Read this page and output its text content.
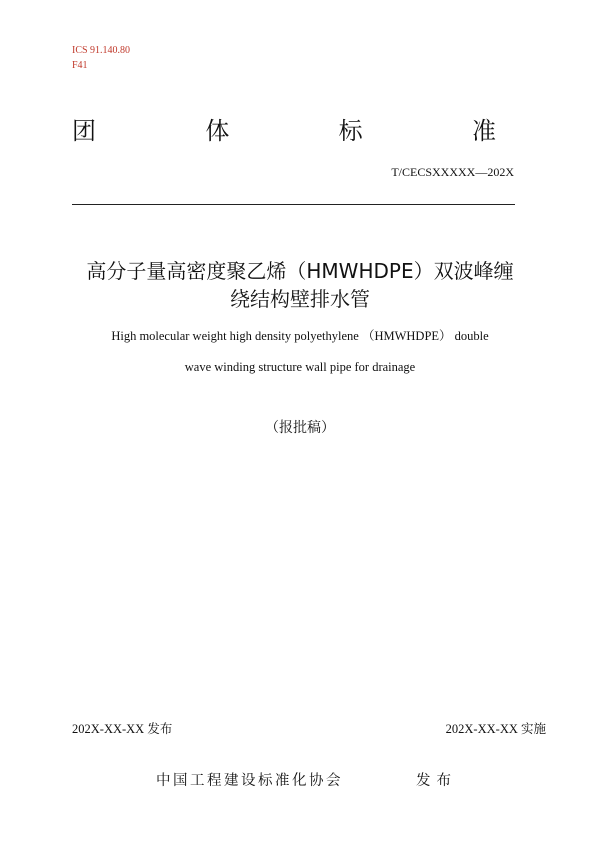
ICS 91.140.80
F41
团	体	标	准
T/CECSXXXXX—202X
高分子量高密度聚乙烯（HMWHDPE）双波峰缠
绕结构壁排水管
High molecular weight high density polyethylene （HMWHDPE） double
wave winding structure wall pipe for drainage
（报批稿）
202X-XX-XX 发布	202X-XX-XX 实施
中国工程建设标准化协会	发布
